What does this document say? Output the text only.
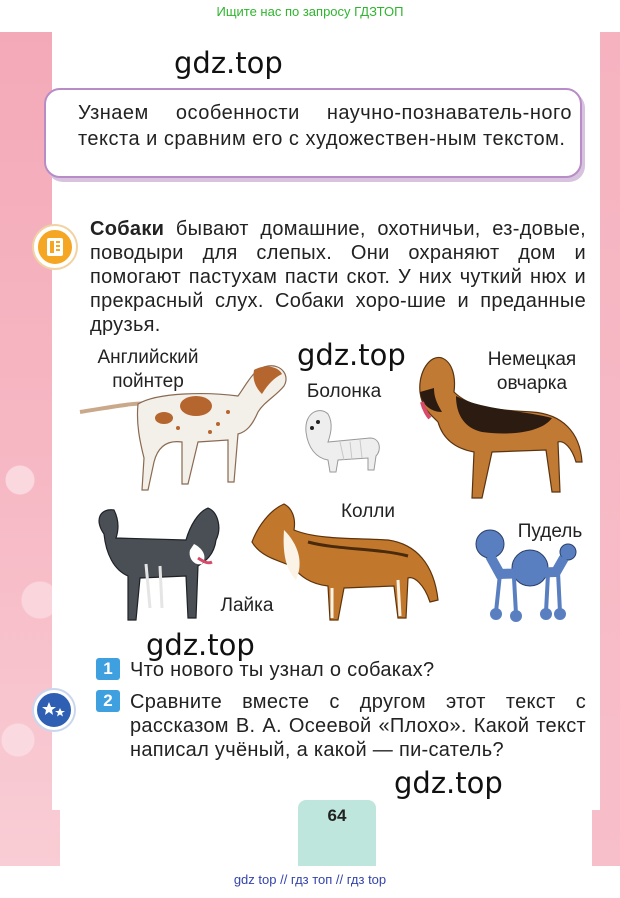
Ищите нас по запросу ГДЗТОП
gdz.top
Узнаем особенности научно-познаватель-ного текста и сравним его с художествен-ным текстом.
Собаки бывают домашние, охотничьи, ез-довые, поводыри для слепых. Они охраняют дом и помогают пастухам пасти скот. У них чуткий нюх и прекрасный слух. Собаки хоро-шие и преданные друзья.
gdz.top
Английский
пойнтер	Болонка
Немецкая
овчарка
Колли
Пудель
Лайка
gdz.top
1 Что нового ты узнал о собаках?
2 Сравните вместе с другом этот текст с рассказом В. А. Осеевой «Плохо». Какой текст написал учёный, а какой — пи-сатель?
gdz.top
64
gdz top // гдз топ // гдз top
